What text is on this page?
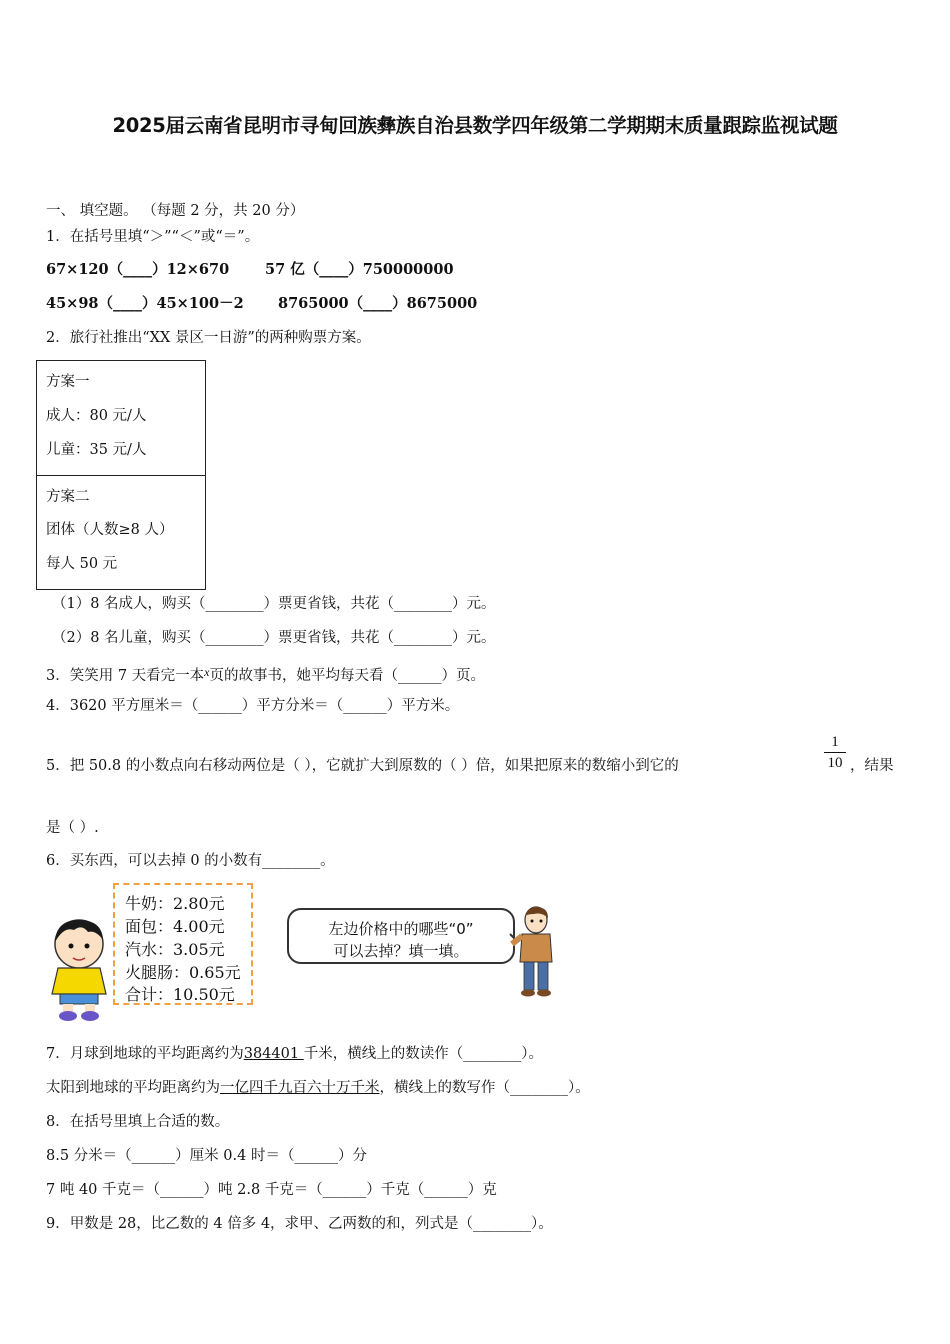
2025届云南省昆明市寻甸回族彝族自治县数学四年级第二学期期末质量跟踪监视试题
一、 填空题。 （每题 2 分，共 20 分）
1．在括号里填“＞”“＜”或“＝”。
67×120（____）12×670 57 亿（____）750000000
45×98（____）45×100－2 8765000（____）8675000
2．旅行社推出“XX 景区一日游”的两种购票方案。
方案一
成人：80 元/人
儿童：35 元/人
方案二
团体（人数≥8 人）
每人 50 元
（1）8 名成人，购买（________）票更省钱，共花（________）元。
（2）8 名儿童，购买（________）票更省钱，共花（________）元。
3．笑笑用 7 天看完一本$^x$页的故事书，她平均每天看（______）页。
4．3620 平方厘米＝（______）平方分米＝（______）平方米。
5．把 50.8 的小数点向右移动两位是（ ），它就扩大到原数的（ ）倍，如果把原来的数缩小到它的
1
10 ，结果
是（ ）.
6．买东西，可以去掉 0 的小数有________。
牛奶：2.80元
面包：4.00元
汽水：3.05元
火腿肠：0.65元
合计：10.50元
左边价格中的哪些“0”
可以去掉？填一填。
7．月球到地球的平均距离约为384401 千米，横线上的数读作（________）。
太阳到地球的平均距离约为一亿四千九百六十万千米，横线上的数写作（________）。
8．在括号里填上合适的数。
8.5 分米＝（______）厘米 0.4 时＝（______）分
7 吨 40 千克＝（______）吨 2.8 千克＝（______）千克（______）克
9．甲数是 28，比乙数的 4 倍多 4，求甲、乙两数的和，列式是（________）。
